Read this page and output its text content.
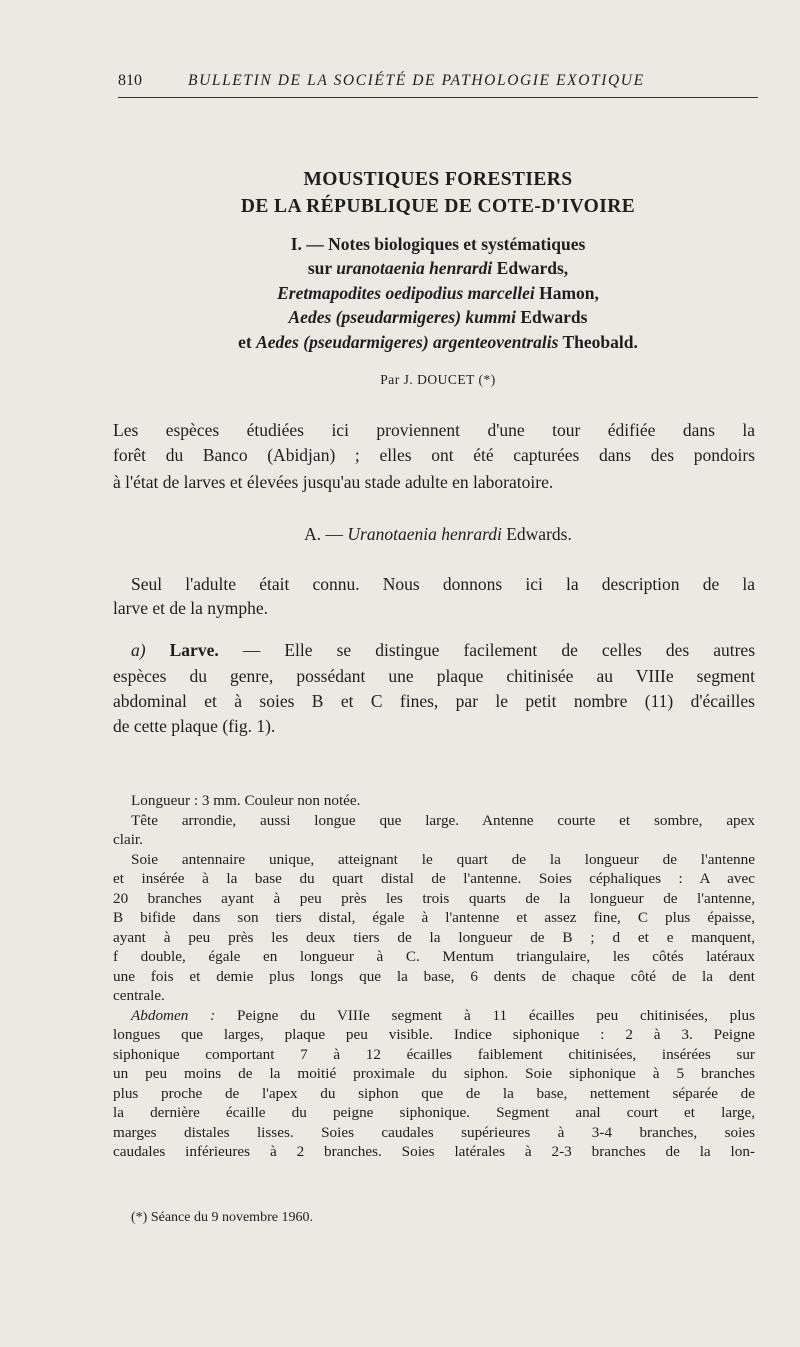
810	BULLETIN DE LA SOCIÉTÉ DE PATHOLOGIE EXOTIQUE
MOUSTIQUES FORESTIERS
DE LA RÉPUBLIQUE DE COTE-D'IVOIRE

I. — Notes biologiques et systématiques

sur uranotaenia henrardi Edwards,

Eretmapodites oedipodius marcellei Hamon,

Aedes (pseudarmigeres) kummi Edwards

et Aedes (pseudarmigeres) argenteoventralis Theobald.

Par J. DOUCET (*)
Les espèces étudiées ici proviennent d'une tour édifiée dans la
forêt du Banco (Abidjan) ; elles ont été capturées dans des pondoirs
à l'état de larves et élevées jusqu'au stade adulte en laboratoire.
A. — Uranotaenia henrardi Edwards.
Seul l'adulte était connu. Nous donnons ici la description de la
larve et de la nymphe.
a) Larve. — Elle se distingue facilement de celles des autres
espèces du genre, possédant une plaque chitinisée au VIIIe segment
abdominal et à soies B et C fines, par le petit nombre (11) d'écailles
de cette plaque (fig. 1).
Longueur : 3 mm. Couleur non notée.
Tête arrondie, aussi longue que large. Antenne courte et sombre, apex
clair.
Soie antennaire unique, atteignant le quart de la longueur de l'antenne
et insérée à la base du quart distal de l'antenne. Soies céphaliques : A avec
20 branches ayant à peu près les trois quarts de la longueur de l'antenne,
B bifide dans son tiers distal, égale à l'antenne et assez fine, C plus épaisse,
ayant à peu près les deux tiers de la longueur de B ; d et e manquent,
f double, égale en longueur à C. Mentum triangulaire, les côtés latéraux
une fois et demie plus longs que la base, 6 dents de chaque côté de la dent
centrale.
Abdomen : Peigne du VIIIe segment à 11 écailles peu chitinisées, plus
longues que larges, plaque peu visible. Indice siphonique : 2 à 3. Peigne
siphonique comportant 7 à 12 écailles faiblement chitinisées, insérées sur
un peu moins de la moitié proximale du siphon. Soie siphonique à 5 branches
plus proche de l'apex du siphon que de la base, nettement séparée de
la dernière écaille du peigne siphonique. Segment anal court et large,
marges distales lisses. Soies caudales supérieures à 3-4 branches, soies
caudales inférieures à 2 branches. Soies latérales à 2-3 branches de la lon-
(*) Séance du 9 novembre 1960.
